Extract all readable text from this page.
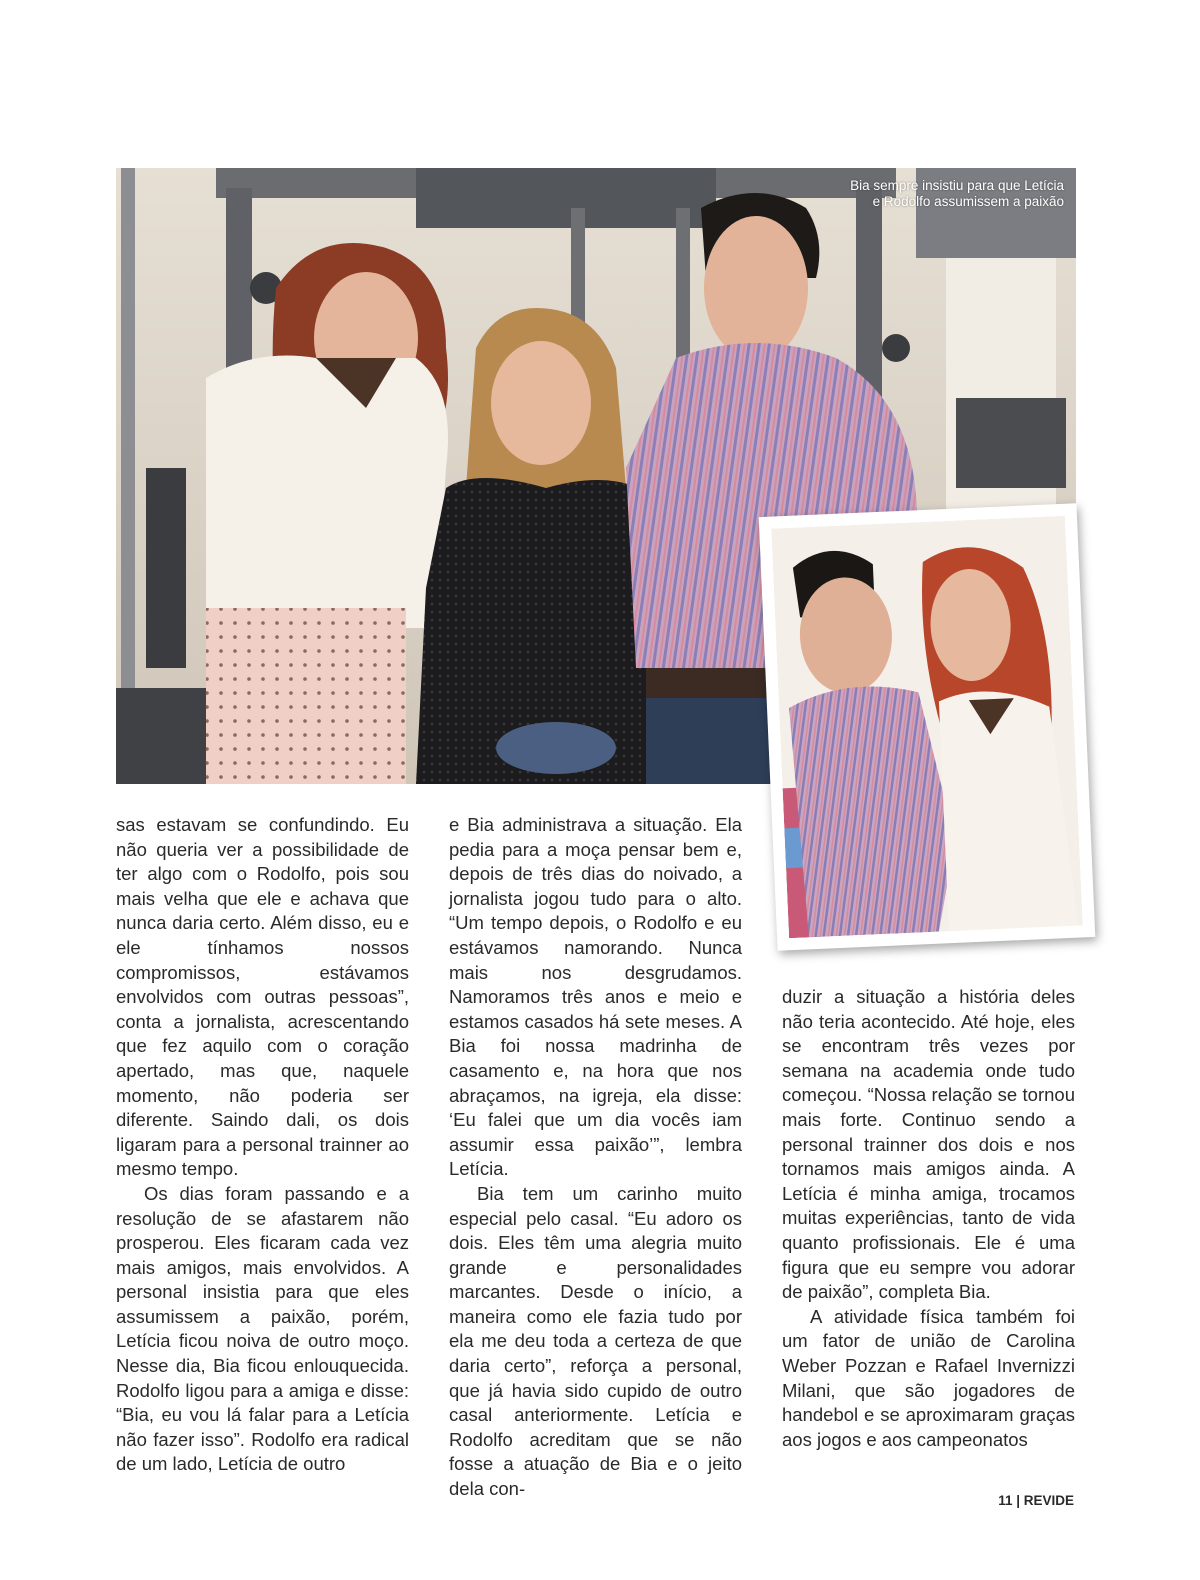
Bia sempre insistiu para que Letícia e Rodolfo assumissem a paixão

sas estavam se confundindo. Eu não queria ver a possibilidade de ter algo com o Rodolfo, pois sou mais velha que ele e achava que nunca daria certo. Além disso, eu e ele tínhamos nossos compromissos, estávamos envolvidos com outras pessoas”, conta a jornalista, acrescentando que fez aquilo com o coração apertado, mas que, naquele momento, não poderia ser diferente. Saindo dali, os dois ligaram para a personal trainner ao mesmo tempo.

Os dias foram passando e a resolução de se afastarem não prosperou. Eles ficaram cada vez mais amigos, mais envolvidos. A personal insistia para que eles assumissem a paixão, porém, Letícia ficou noiva de outro moço. Nesse dia, Bia ficou enlouquecida. Rodolfo ligou para a amiga e disse: “Bia, eu vou lá falar para a Letícia não fazer isso”. Rodolfo era radical de um lado, Letícia de outro

e Bia administrava a situação. Ela pedia para a moça pensar bem e, depois de três dias do noivado, a jornalista jogou tudo para o alto. “Um tempo depois, o Rodolfo e eu estávamos namorando. Nunca mais nos desgrudamos. Namoramos três anos e meio e estamos casados há sete meses. A Bia foi nossa madrinha de casamento e, na hora que nos abraçamos, na igreja, ela disse: ‘Eu falei que um dia vocês iam assumir essa paixão’”, lembra Letícia.

Bia tem um carinho muito especial pelo casal. “Eu adoro os dois. Eles têm uma alegria muito grande e personalidades marcantes. Desde o início, a maneira como ele fazia tudo por ela me deu toda a certeza de que daria certo”, reforça a personal, que já havia sido cupido de outro casal anteriormente. Letícia e Rodolfo acreditam que se não fosse a atuação de Bia e o jeito dela con-

duzir a situação a história deles não teria acontecido. Até hoje, eles se encontram três vezes por semana na academia onde tudo começou. “Nossa relação se tornou mais forte. Continuo sendo a personal trainner dos dois e nos tornamos mais amigos ainda. A Letícia é minha amiga, trocamos muitas experiências, tanto de vida quanto profissionais. Ele é uma figura que eu sempre vou adorar de paixão”, completa Bia.

A atividade física também foi um fator de união de Carolina Weber Pozzan e Rafael Invernizzi Milani, que são jogadores de handebol e se aproximaram graças aos jogos e aos campeonatos

11 | REVIDE
